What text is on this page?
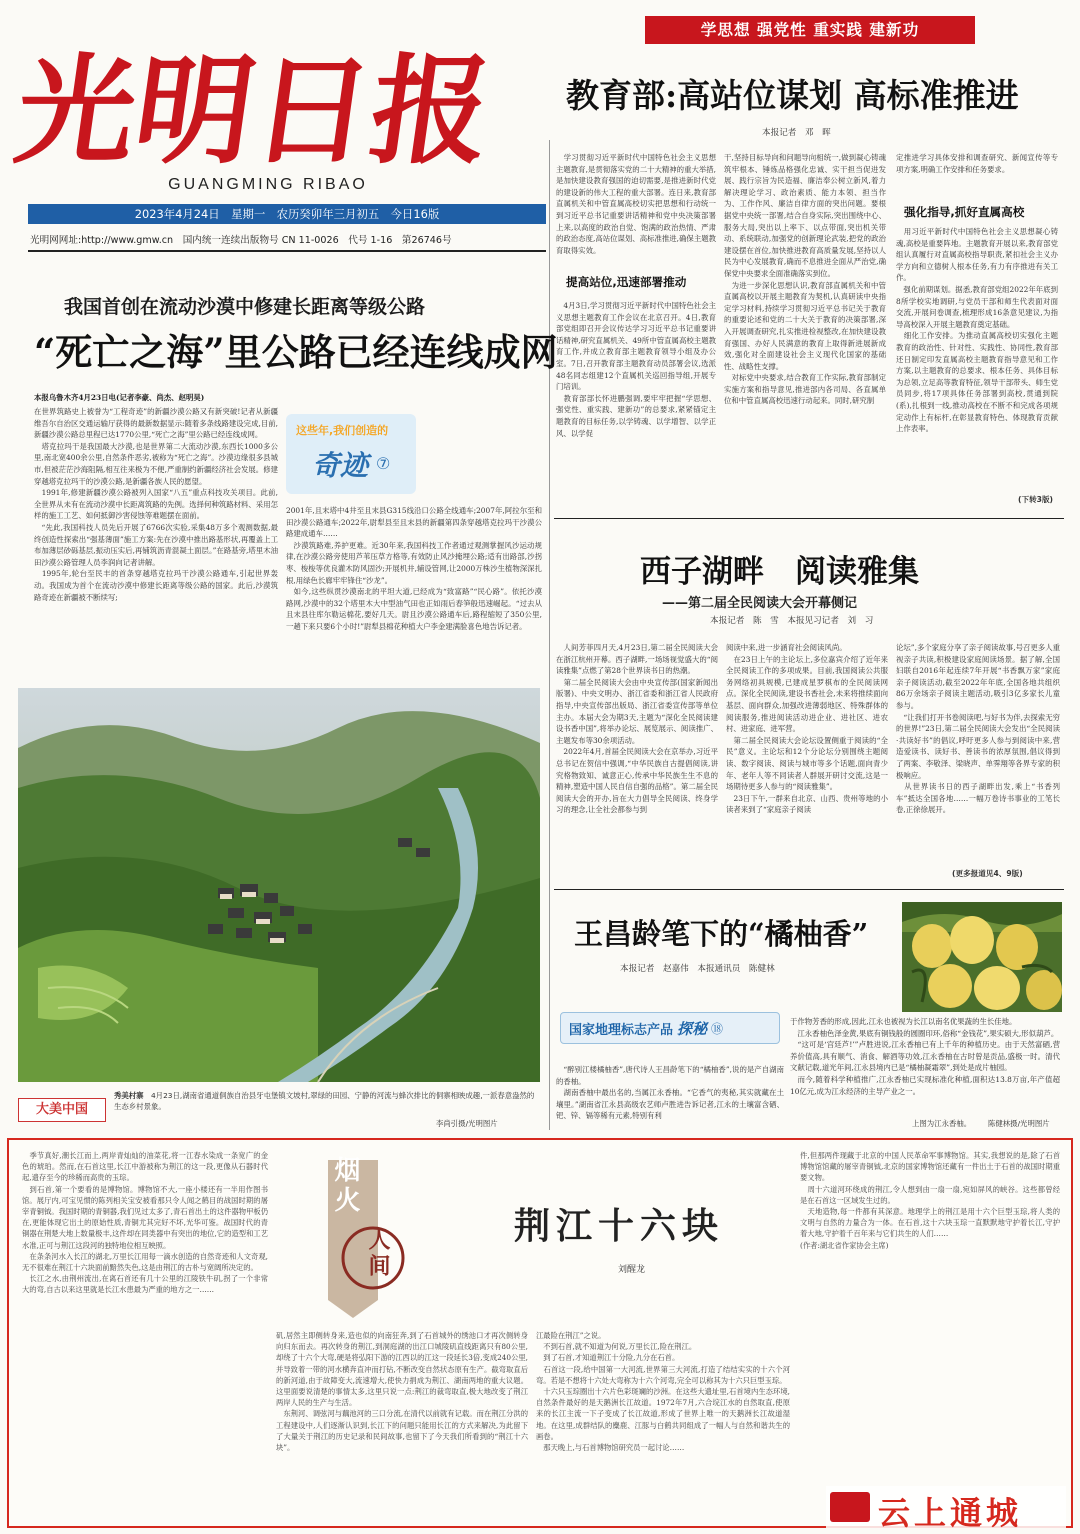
光明日报
GUANGMING RIBAO
2023年4月24日　星期一　农历癸卯年三月初五　今日16版
光明网网址:http://www.gmw.cn　 国内统一连续出版物号 CN 11-0026　代号 1-16　第26746号
学思想 强党性 重实践 建新功
教育部:高站位谋划 高标准推进
本报记者　邓　晖
　学习贯彻习近平新时代中国特色社会主义思想主题教育,是贯彻落实党的二十大精神的重大举措,是加快建设教育强国的迫切需要,是推进新时代党的建设新的伟大工程的重大部署。连日来,教育部直属机关和中管直属高校切实把思想和行动统一到习近平总书记重要讲话精神和党中央决策部署上来,以高度的政治自觉、饱满的政治热情、严肃的政治态度,高站位谋划、高标准推进,确保主题教育取得实效。
提高站位,迅速部署推动
　4月3日,学习贯彻习近平新时代中国特色社会主义思想主题教育工作会议在北京召开。4日,教育部党组即召开会议传达学习习近平总书记重要讲话精神,研究直属机关、49所中管直属高校主题教育工作,并成立教育部主题教育领导小组及办公室。7日,召开教育部主题教育动员部署会议,选派48名同志组建12个直属机关巡回指导组,开展专门培训。
　教育部部长怀进鹏强调,要牢牢把握“学思想、强党性、重实践、建新功”的总要求,紧紧锚定主题教育的目标任务,以学铸魂、以学增智、以学正风、以学促
干,坚持目标导向和问题导向相统一,做到凝心铸魂筑牢根本、锤炼品格强化忠诚、实干担当促进发展、践行宗旨为民造福、廉洁奉公树立新风,着力解决理论学习、政治素质、能力本领、担当作为、工作作风、廉洁自律方面的突出问题。要根据党中央统一部署,结合自身实际,突出围绕中心、服务大局,突出以上率下、以点带面,突出机关带动、系统联动,加强党的创新理论武装,把党的政治建设摆在首位,加快推进教育高质量发展,坚持以人民为中心发展教育,确而不息推进全面从严治党,确保党中央要求全面准确落实到位。
　为进一步深化思想认识,教育部直属机关和中管直属高校以开展主题教育为契机,认真研读中央指定学习材料,持续学习贯彻习近平总书记关于教育的重要论述和党的二十大关于教育的决策部署,深入开展调查研究,扎实推进检视整改,在加快建设教育强国、办好人民满意的教育上取得新进展新成效,强化对全面建设社会主义现代化国家的基础性、战略性支撑。
　对标党中央要求,结合教育工作实际,教育部制定实施方案和指导意见,推进部内各司局、各直属单位和中管直属高校迅速行动起来。同时,研究制
定推进学习具体安排和调查研究、新闻宣传等专项方案,明确工作安排和任务要求。
强化指导,抓好直属高校
　用习近平新时代中国特色社会主义思想凝心铸魂,高校是重要阵地。主题教育开展以来,教育部党组认真履行对直属高校指导职责,紧扣社会主义办学方向和立德树人根本任务,有力有序推进有关工作。
　强化前期谋划。据悉,教育部党组2022年年底到8所学校实地调研,与党员干部和师生代表面对面交流,开展问卷调查,梳理形成16条意见建议,为指导高校深入开展主题教育奠定基础。
　细化工作安排。为推动直属高校切实强化主题教育的政治性、针对性、实践性、协同性,教育部还日制定印发直属高校主题教育指导意见和工作方案,以主题教育的总要求、根本任务、具体目标为总领,立足高等教育特征,领导干部带头、师生党员同步,将17项具体任务部署到高校,贯通到院(系),扎根到一线,推动高校在不断不和完成各项规定动作上有标杆,在彰显教育特色、体现教育贡献上作表率。
(下转3版)
西子湖畔　阅读雅集
——第二届全民阅读大会开幕侧记
本报记者　陈　雪　本报见习记者　刘　习
　人间芳菲四月天,4月23日,第二届全民阅读大会在浙江杭州开幕。西子湖畔,一场场视觉盛大的“阅读雅集”点燃了第28个世界读书日的热潮。
　第二届全民阅读大会由中央宣传部(国家新闻出版署)、中央文明办、浙江省委和浙江省人民政府指导,中央宣传部出版局、浙江省委宣传部等单位主办。本届大会为期3天,主题为“深化全民阅读建设书香中国”,将举办论坛、展览展示、阅读推广、主题发布等30余项活动。
　2022年4月,首届全民阅读大会在京举办,习近平总书记在贺信中强调,“中华民族自古提倡阅读,讲究格物致知、诚意正心,传承中华民族生生不息的精神,塑造中国人民自信自强的品格”。第二届全民阅读大会的开办,旨在大力倡导全民阅读、终身学习的理念,让全社会都参与到
阅读中来,进一步涵育社会阅读风尚。
　在23日上午的主论坛上,多位嘉宾介绍了近年来全民阅读工作的多项成果。目前,我国阅读公共服务网络初具规模,已建成星罗棋布的全民阅读网点。深化全民阅读,建设书香社会,未来将推续面向基层、面向群众,加强改进薄弱地区、特殊群体的阅读服务,推进阅读活动进企业、进社区、进农村、进家庭、进军营。
　第二届全民阅读大会论坛设置侧重于阅读的“全民”意义。主论坛和12个分论坛分别围绕主题阅读、数字阅读、阅读与城市等多个话题,面向青少年、老年人等不同读者人群展开研讨交流,这是一场期待更多人参与的“阅读雅集”。
　23日下午,一群来自北京、山西、贵州等地的小读者来到了“家庭亲子阅读
论坛”,多个家庭分享了亲子阅读故事,号召更多人重视亲子共读,积极建设家庭阅读场景。据了解,全国妇联自2016年起连续7年开展“书香飘万家”家庭亲子阅读活动,截至2022年年底,全国各地共组织86万余场亲子阅读主题活动,吸引3亿多家长儿童参与。
　“让我们打开书卷阅读吧,与好书为伴,去探索无穷的世界!”23日,第二届全民阅读大会发出“全民阅读·共读好书”的倡议,呼吁更多人参与到阅读中来,营造爱读书、读好书、善读书的浓厚氛围,倡议得到了两案、李敬泽、梁晓声、单霁翔等各界专家的积极响应。
　从世界读书日的西子湖畔出发,乘上“书香列车”抵达全国各地……一幅万卷诗书事业的工笔长卷,正徐徐展开。
(更多报道见4、9版)
王昌龄笔下的“橘柚香”
本报记者　赵嘉伟　本报通讯员　陈健林
国家地理标志产品 探秘 ⑱
　“醉别江楼橘柚香”,唐代诗人王昌龄笔下的“橘柚香”,说的是产自湖南的香柚。
　湖南香柚中最出名的,当属江永香柚。“它香气的夷秘,其实就藏在土壤里。”湖南省江永县高级农艺师卢胜进告诉记者,江永的土壤富含硒、钯、锌、镉等稀有元素,特别有利
于作物芳香的形成,因此,江永也被视为长江以南名优果蔬的生长佳地。
　江永香柚色泽金黄,果底有铜钱般的圆圈印环,俗称“金钱花”,果实硕大,形似葫芦。
　“这可是‘宫廷芦!’”卢胜进说,江永香柚已有上千年的种植历史。由于天然富硒,营养价值高,具有顺气、消食、解酒等功效,江永香柚在古时曾是贡品,盛极一时。清代文献记载,道光年间,江永县境内已是“橘柚凝霜翠”,到处是成片柚园。
　而今,随着科学种植推广,江永香柚已实现标准化种植,面积达13.8万亩,年产值超10亿元,成为江永经济的主导产业之一。
上图为江永香柚。 陈健林摄/光明图片
我国首创在流动沙漠中修建长距离等级公路
“死亡之海”里公路已经连线成网
本报乌鲁木齐4月23日电(记者李豪、尚杰、赵明昊)
在世界筑路史上被誉为“工程奇迹”的新疆沙漠公路又有新突破!记者从新疆维吾尔自治区交通运输厅获得的最新数据显示:随着多条线路建设完成,目前,新疆沙漠公路总里程已达1770公里,“死亡之海”里公路已经连线成网。
　塔克拉玛干是我国最大沙漠,也是世界第二大流动沙漠,东西长1000多公里,南北宽400余公里,自然条件恶劣,被称为“死亡之海”。沙漠边缘很多县城市,但被茫茫沙海阻隔,相互往来极为不便,严重制约新疆经济社会发展。修建穿越塔克拉玛干的沙漠公路,是新疆各族人民的愿望。
　1991年,修建新疆沙漠公路被列入国家“八五”重点科技攻关项目。此前,全世界从未有在流动沙漠中长距离筑路的先例。选择何种筑路材料、采用怎样的施工工艺、如何抵御沙害侵蚀等难题摆在面前。
　“先此,我国科技人员先后开展了6766次实验,采集48万多个观测数据,最终创造性探索出“强基薄面”施工方案:先在沙漠中推出路基形状,再覆盖上工布加薄层砂砾基层,振动压实后,再铺筑沥青混凝土面层。”在路基旁,塔里木油田沙漠公路管理人员李润向记者讲解。
　1995年,轮台至民丰的首条穿越塔克拉玛干沙漠公路通车,引起世界轰动。我国成为首个在流动沙漠中修建长距离等级公路的国家。此后,沙漠筑路奇迹在新疆被不断续写;
2001年,且末塔中4井至且末县G315线沿口公路全线通车;2007年,阿拉尔至和田沙漠公路通车;2022年,尉犁县至且末县的新疆第四条穿越塔克拉玛干沙漠公路建成通车……
　沙漠筑路难,养护更难。近30年来,我国科技工作者通过观测掌握风沙运动规律,在沙漠公路旁使用芦苇压草方格等,有效防止风沙掩埋公路;适有出路部,沙拐枣、梭梭等优良灌木防风固沙;开展机井,辅设管网,让2000万株沙生植物深深扎根,用绿色长廊牢牢锋住“沙龙”。
　如今,这些纵贯沙漠南北的平坦大道,已经成为“致富路”“民心路”。依托沙漠路网,沙漠中的32个塔里木大中型油气田也正如雨后春笋般迅速崛起。“过去从且末县往库尔勒运棉花,要好几天。尉且沙漠公路通车后,路程缩短了350公里,一趟下来只要6个小时!”尉犁县棉花种植大户李金建满脸喜色地告诉记者。
这些年,我们创造的
奇迹 ⑦
大美中国
秀美村寨　 4月23日,湖南省通道侗族自治县牙屯堡镇文坡村,翠绿的田园、宁静的河流与蜂次排比的侗寨相映成趣,一派春意盎然的生态乡村景象。
李尚引摄/光明图片
　季节真好,潮长江而上,两岸青灿灿的油菜花,将一江春水染成一条宽广的金色的琥珀。然而,在石首这里,长江中游被称为荆江的这一段,更像从石器时代起,遗存至今的珍稀而高贵的玉琮。
　到石首,第一个要看的是博物馆。博物馆不大,一座小楼还有一半用作图书馆。展厅内,可宝见惯的陈列相关宝安被看那只令人闻之鹤目的战国时期的屠宰青铜钺。我国时期的青铜器,我们见过太多了,青石首出土的这件器物甲板仍在,更能体现它出土的原始性质,青铜尤其完好不坏,光华可鉴。战国时代的青铜器在荆楚大地上数量极丰,这件却在同类器中有突出的地位,它的造型和工艺水准,正可与荆江这段河的独特地位相互映照。
　在条条河水入长江的湖北,万里长江用每一滴水创造的自然奇迹和人文奇观,无不很难在荆江十六块面前黯然失色,这是由荆江的古朴与宽阔所决定的。
　长江之水,由荆州流出,在离石首还有几十公里的江陵铁牛矶,拐了一个非常大的弯,自古以来这里就是长江水患最为严重的地方之一……
烟火
人间
荆江十六块
刘醒龙
矶,居然主即侧转身来,造也似的向南狂奔,到了石首城外的绣池口才再次侧转身向归东而去。再次转身的荆江,到洞庭湖的出江口城陵矶直线距离只有80公里,却绕了十六个大弯,硬是将弘阳下游的江西以的江这一段延长3倍,变成240公里,并导致着一带的河水横奔直冲而打钻,不断改变自然状态原有生产。截弯取直后的新河道,由于故障变大,流速增大,使快力捐成为荆江、湖南两地的重大议题。这里面要说清楚的事情太多,这里只说一点:荆江的裁弯取直,极大地改变了荆江两岸人民的生产与生活。
　东荆河、调弦河与藕池河的三口分流,在清代以前就有记载。而在荆江分洪的工程建设中,人们逐渐认识到,长江下的问题只能用长江的方式来解决,为此留下了大量关于荆江的历史记录和民间故事,也留下了今天我们所看到的“荆江十六块”。
江最险在荆江”之说。
　不到石首,就不知道为何说,万里长江,险在荆江。
　到了石首,才知道荆江十分险,九分在石首。
　石首这一段,给中国第一大河流,世界第三大河流,打造了结结实实的十六个河弯。若是不想将十六处大弯称为十六个河弯,完全可以称其为十六只巨型玉琮。
　十六只玉琮圈出十六片色彩斑斓的沙洲。在这些大遗址里,石首境内生态环境,自然条件最好的是天鹅洲长江故道。1972年7月,六合垸江水的自然取直,使原来的长江主流一下子变成了长江故道,形成了世界上唯一的天鹅洲长江故道湿地。在这里,成群结队的麋鹿、江豚与白鹤共同组成了一幅人与自然和谐共生的画卷。
　那天晚上,与石首博物馆研究员一起讨论……
件,但那两件现藏于北京的中国人民革命军事博物馆。其实,我想说的是,除了石首博物馆馆藏的屠宰青铜钺,北京的国家博物馆还藏有一件出土于石首的战国时期重要文物。
　周十六道河环绕成的荆江,令人想到由一扇一扇,宛如屏风的峡谷。这些都曾经是在石首这一区域发生过的。
　天地造物,每一件都有其深意。地理学上的荆江是用十六个巨型玉琮,将人类的文明与自然的力量合为一体。在石首,这十六块玉琮一直默默地守护着长江,守护着大地,守护着千百年来与它们共生的人们……
(作者:湖北省作家协会主席)
云上通城
